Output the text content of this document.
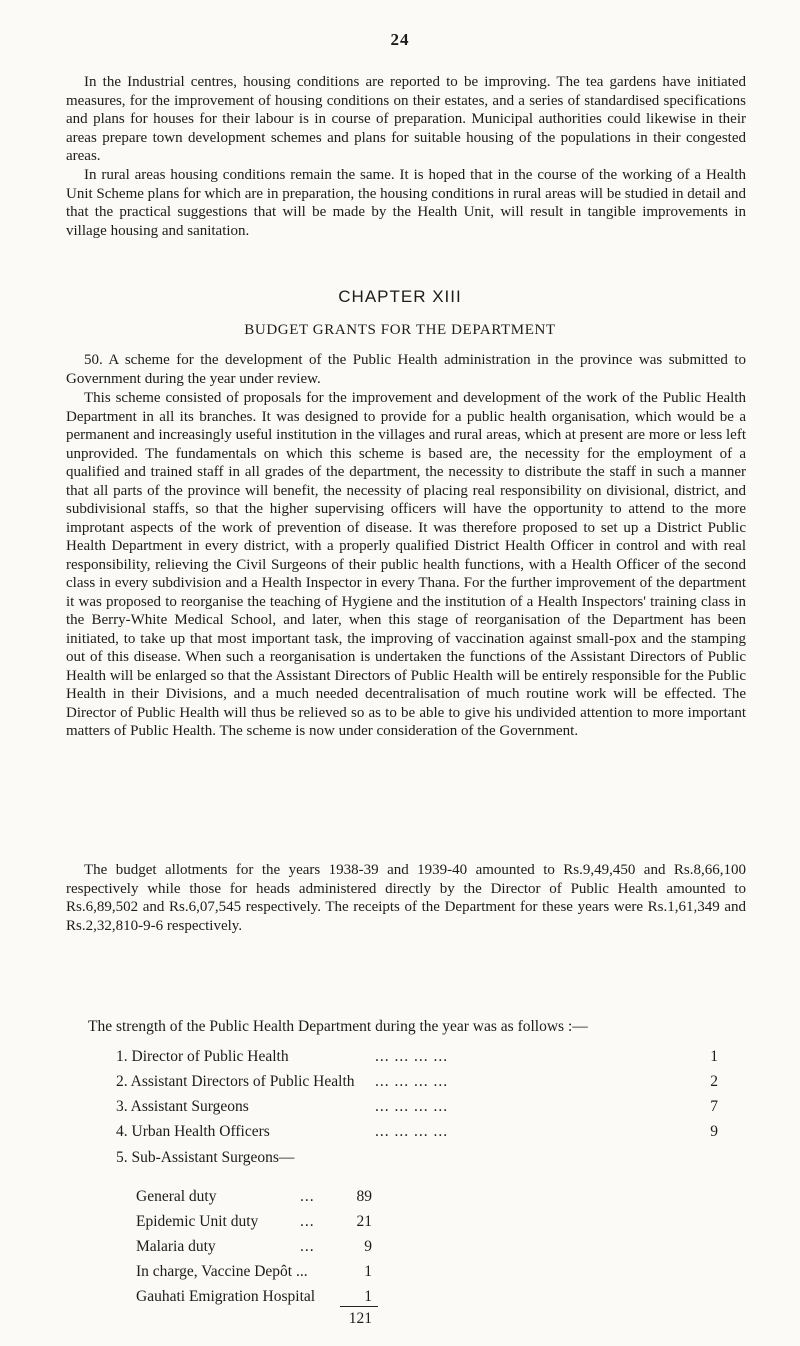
24

In the Industrial centres, housing conditions are reported to be improving. The tea gardens have initiated measures, for the improvement of housing conditions on their estates, and a series of standardised specifications and plans for houses for their labour is in course of preparation. Municipal authorities could likewise in their areas prepare town development schemes and plans for suitable housing of the populations in their congested areas.

In rural areas housing conditions remain the same. It is hoped that in the course of the working of a Health Unit Scheme plans for which are in preparation, the housing conditions in rural areas will be studied in detail and that the practical suggestions that will be made by the Health Unit, will result in tangible improvements in village housing and sanitation.

CHAPTER XIII
BUDGET GRANTS FOR THE DEPARTMENT

50. A scheme for the development of the Public Health administration in the province was submitted to Government during the year under review.

This scheme consisted of proposals for the improvement and development of the work of the Public Health Department in all its branches. It was designed to provide for a public health organisation, which would be a permanent and increasingly useful institution in the villages and rural areas, which at present are more or less left unprovided. The fundamentals on which this scheme is based are, the necessity for the employment of a qualified and trained staff in all grades of the department, the necessity to distribute the staff in such a manner that all parts of the province will benefit, the necessity of placing real responsibility on divisional, district, and subdivisional staffs, so that the higher supervising officers will have the opportunity to attend to the more improtant aspects of the work of prevention of disease. It was therefore proposed to set up a District Public Health Department in every district, with a properly qualified District Health Officer in control and with real responsibility, relieving the Civil Surgeons of their public health functions, with a Health Officer of the second class in every subdivision and a Health Inspector in every Thana. For the further improvement of the department it was proposed to reorganise the teaching of Hygiene and the institution of a Health Inspectors' training class in the Berry-White Medical School, and later, when this stage of reorganisation of the Department has been initiated, to take up that most important task, the improving of vaccination against small-pox and the stamping out of this disease. When such a reorganisation is undertaken the functions of the Assistant Directors of Public Health will be enlarged so that the Assistant Directors of Public Health will be entirely responsible for the Public Health in their Divisions, and a much needed decentralisation of much routine work will be effected. The Director of Public Health will thus be relieved so as to be able to give his undivided attention to more important matters of Public Health. The scheme is now under consideration of the Government.

The budget allotments for the years 1938-39 and 1939-40 amounted to Rs.9,49,450 and Rs.8,66,100 respectively while those for heads administered directly by the Director of Public Health amounted to Rs.6,89,502 and Rs.6,07,545 respectively. The receipts of the Department for these years were Rs.1,61,349 and Rs.2,32,810-9-6 respectively.

The strength of the Public Health Department during the year was as follows :—

1. Director of Public Health	... ... ... ...	1
2. Assistant Directors of Public Health ... ... ... ...	2
3. Assistant Surgeons	... ... ... ...	7
4. Urban Health Officers	... ... ... ...	9
5. Sub-Assistant Surgeons—
General duty	...	89
Epidemic Unit duty	...	21
Malaria duty	...	9
In charge, Vaccine Depôt ...	1
Gauhati Emigration Hospital	1
121
